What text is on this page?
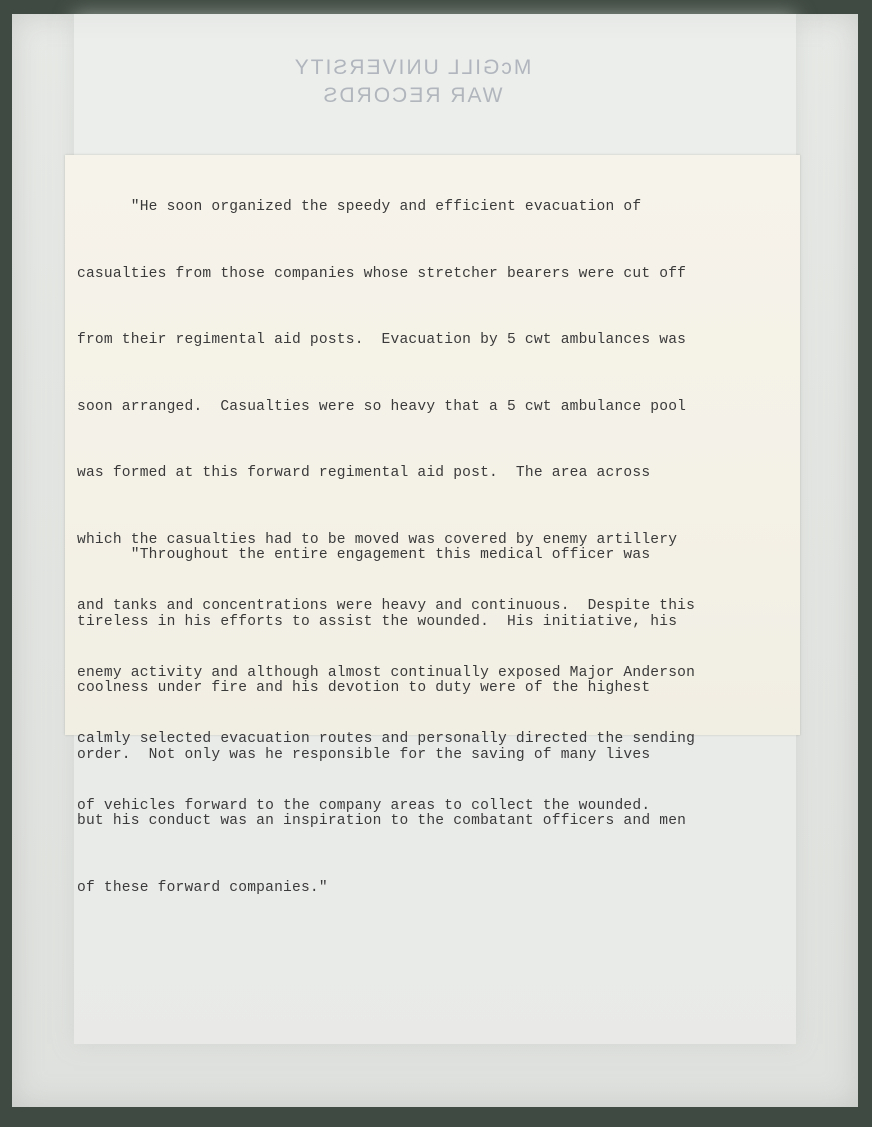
McGILL UNIVERSITY
WAR RECORDS

"He soon organized the speedy and efficient evacuation of

casualties from those companies whose stretcher bearers were cut off

from their regimental aid posts.  Evacuation by 5 cwt ambulances was

soon arranged.  Casualties were so heavy that a 5 cwt ambulance pool

was formed at this forward regimental aid post.  The area across

which the casualties had to be moved was covered by enemy artillery

and tanks and concentrations were heavy and continuous.  Despite this

enemy activity and although almost continually exposed Major Anderson

calmly selected evacuation routes and personally directed the sending

of vehicles forward to the company areas to collect the wounded.

"Throughout the entire engagement this medical officer was

tireless in his efforts to assist the wounded.  His initiative, his

coolness under fire and his devotion to duty were of the highest

order.  Not only was he responsible for the saving of many lives

but his conduct was an inspiration to the combatant officers and men

of these forward companies."
